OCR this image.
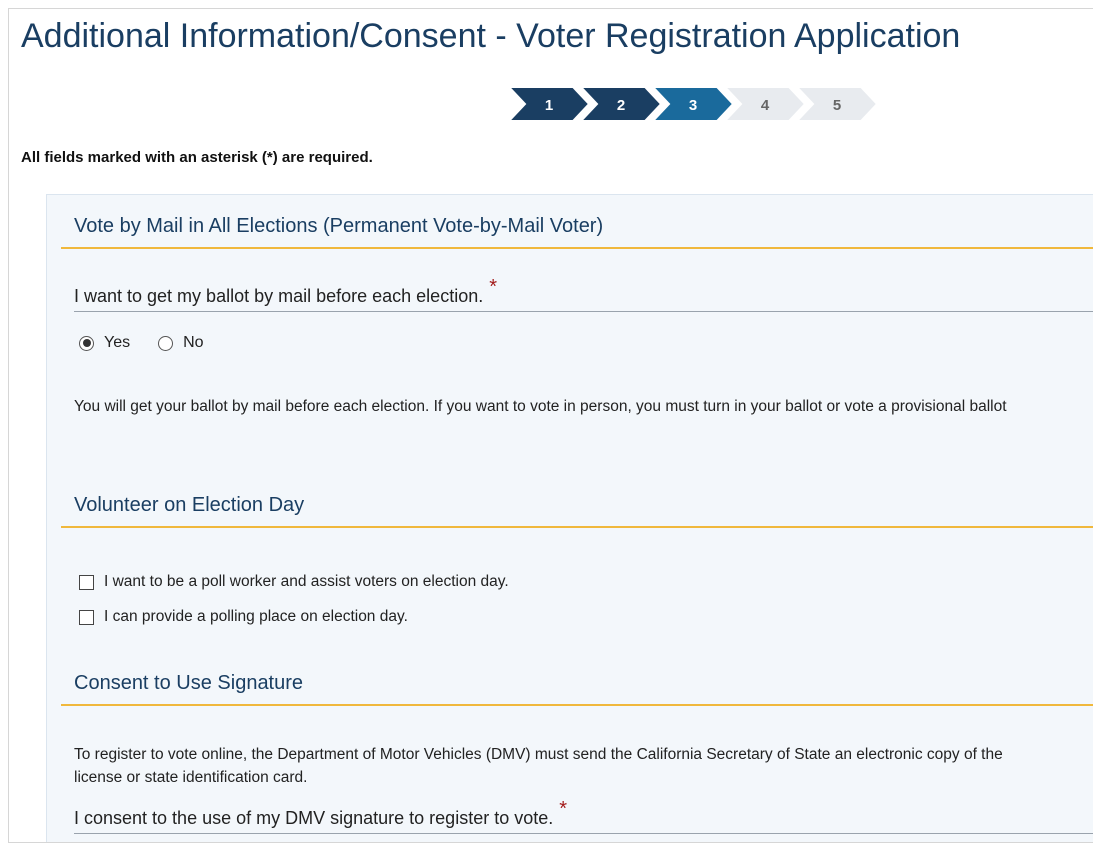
Additional Information/Consent - Voter Registration Application
1	2	3	4	5
All fields marked with an asterisk (*) are required.
Vote by Mail in All Elections (Permanent Vote-by-Mail Voter)
I want to get my ballot by mail before each election. *
Yes	No
You will get your ballot by mail before each election. If you want to vote in person, you must turn in your ballot or vote a provisional ballot
Volunteer on Election Day
I want to be a poll worker and assist voters on election day.
I can provide a polling place on election day.
Consent to Use Signature
To register to vote online, the Department of Motor Vehicles (DMV) must send the California Secretary of State an electronic copy of the
license or state identification card.
I consent to the use of my DMV signature to register to vote. *
